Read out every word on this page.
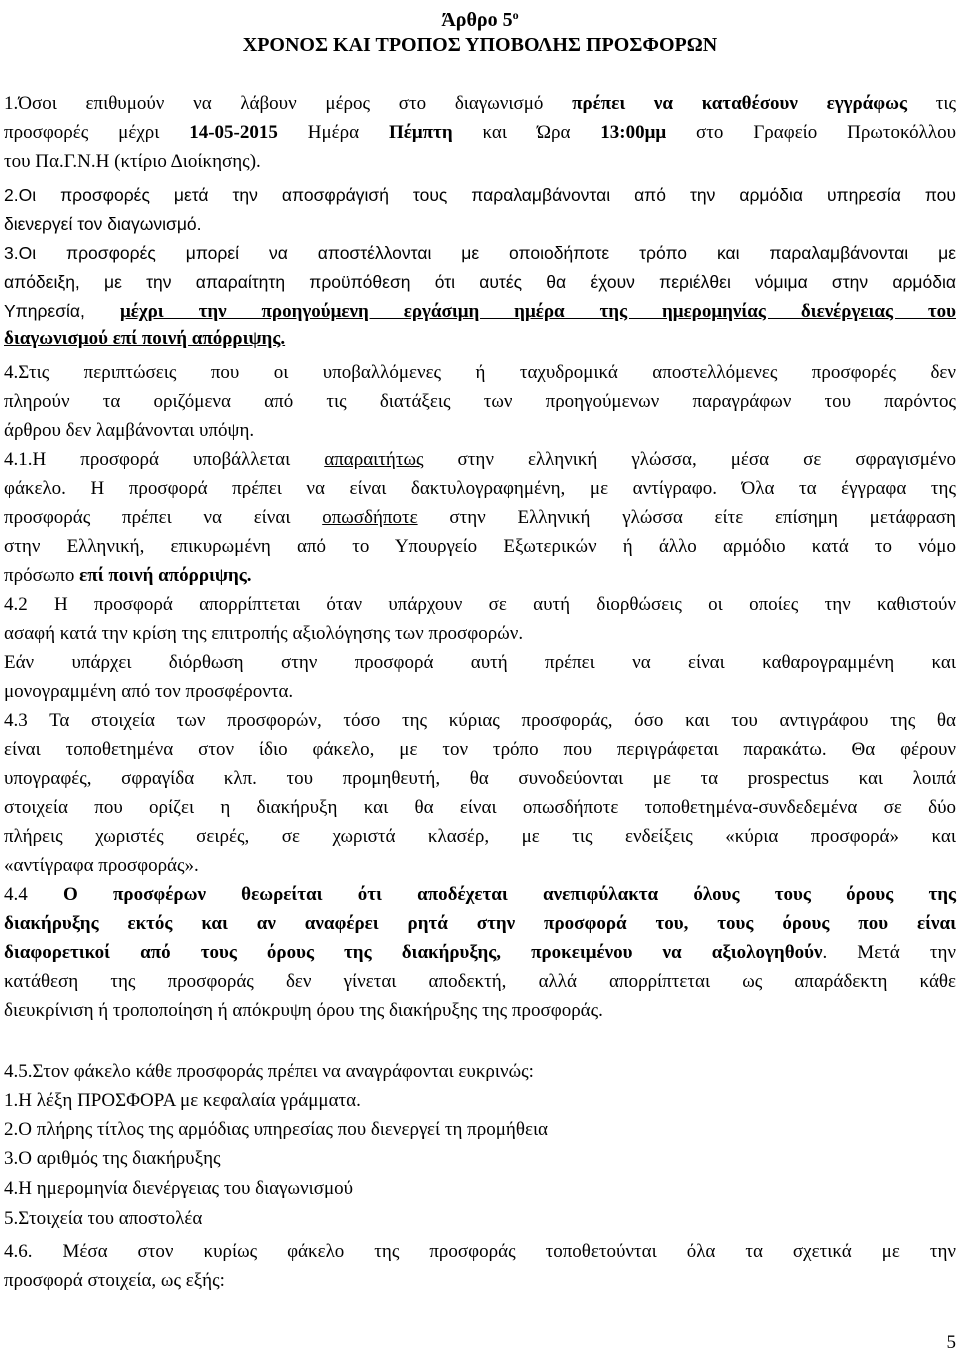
Άρθρο $5^o$
ΧΡΟΝΟΣ ΚΑΙ ΤΡΟΠΟΣ ΥΠΟΒΟΛΗΣ ΠΡΟΣΦΟΡΩΝ
1.Όσοι επιθυμούν να λάβουν μέρος στο διαγωνισμό πρέπει να καταθέσουν εγγράφως τις
προσφορές μέχρι 14-05-2015 Ημέρα Πέμπτη και Ώρα 13:00μμ στο Γραφείο Πρωτοκόλλου
του Πα.Γ.Ν.Η (κτίριο Διοίκησης).
2.Οι προσφορές μετά την αποσφράγισή τους παραλαμβάνονται από την αρμόδια υπηρεσία που
διενεργεί τον διαγωνισμό.
3.Οι προσφορές μπορεί να αποστέλλονται με οποιοδήποτε τρόπο και παραλαμβάνονται με
απόδειξη, με την απαραίτητη προϋπόθεση ότι αυτές θα έχουν περιέλθει νόμιμα στην αρμόδια
Υπηρεσία, μέχρι την προηγούμενη εργάσιμη ημέρα της ημερομηνίας διενέργειας του
διαγωνισμού επί ποινή απόρριψης.
4.Στις περιπτώσεις που οι υποβαλλόμενες ή ταχυδρομικά αποστελλόμενες προσφορές δεν
πληρούν τα οριζόμενα από τις διατάξεις των προηγούμενων παραγράφων του παρόντος
άρθρου δεν λαμβάνονται υπόψη.
4.1.Η προσφορά υποβάλλεται απαραιτήτως στην ελληνική γλώσσα, μέσα σε σφραγισμένο
φάκελο. Η προσφορά πρέπει να είναι δακτυλογραφημένη, με αντίγραφο. Όλα τα έγγραφα της
προσφοράς πρέπει να είναι οπωσδήποτε στην Ελληνική γλώσσα είτε επίσημη μετάφραση
στην Ελληνική, επικυρωμένη από το Υπουργείο Εξωτερικών ή άλλο αρμόδιο κατά το νόμο
πρόσωπο επί ποινή απόρριψης.
4.2 Η προσφορά απορρίπτεται όταν υπάρχουν σε αυτή διορθώσεις οι οποίες την καθιστούν
ασαφή κατά την κρίση της επιτροπής αξιολόγησης των προσφορών.
Εάν υπάρχει διόρθωση στην προσφορά αυτή πρέπει να είναι καθαρογραμμένη και
μονογραμμένη από τον προσφέροντα.
4.3 Τα στοιχεία των προσφορών, τόσο της κύριας προσφοράς, όσο και του αντιγράφου της θα
είναι τοποθετημένα στον ίδιο φάκελο, με τον τρόπο που περιγράφεται παρακάτω. Θα φέρουν
υπογραφές, σφραγίδα κλπ. του προμηθευτή, θα συνοδεύονται με τα prospectus και λοιπά
στοιχεία που ορίζει η διακήρυξη και θα είναι οπωσδήποτε τοποθετημένα-συνδεδεμένα σε δύο
πλήρεις χωριστές σειρές, σε χωριστά κλασέρ, με τις ενδείξεις «κύρια προσφορά» και
«αντίγραφα προσφοράς».
4.4 Ο προσφέρων θεωρείται ότι αποδέχεται ανεπιφύλακτα όλους τους όρους της
διακήρυξης εκτός και αν αναφέρει ρητά στην προσφορά του, τους όρους που είναι
διαφορετικοί από τους όρους της διακήρυξης, προκειμένου να αξιολογηθούν. Μετά την
κατάθεση της προσφοράς δεν γίνεται αποδεκτή, αλλά απορρίπτεται ως απαράδεκτη κάθε
διευκρίνιση ή τροποποίηση ή απόκρυψη όρου της διακήρυξης της προσφοράς.
4.5.Στον φάκελο κάθε προσφοράς πρέπει να αναγράφονται ευκρινώς:
1.Η λέξη ΠΡΟΣΦΟΡΑ με κεφαλαία γράμματα.
2.Ο πλήρης τίτλος της αρμόδιας υπηρεσίας που διενεργεί τη προμήθεια
3.Ο αριθμός της διακήρυξης
4.Η ημερομηνία διενέργειας του διαγωνισμού
5.Στοιχεία του αποστολέα
4.6. Μέσα στον κυρίως φάκελο της προσφοράς τοποθετούνται όλα τα σχετικά με την
προσφορά στοιχεία, ως εξής:
5
